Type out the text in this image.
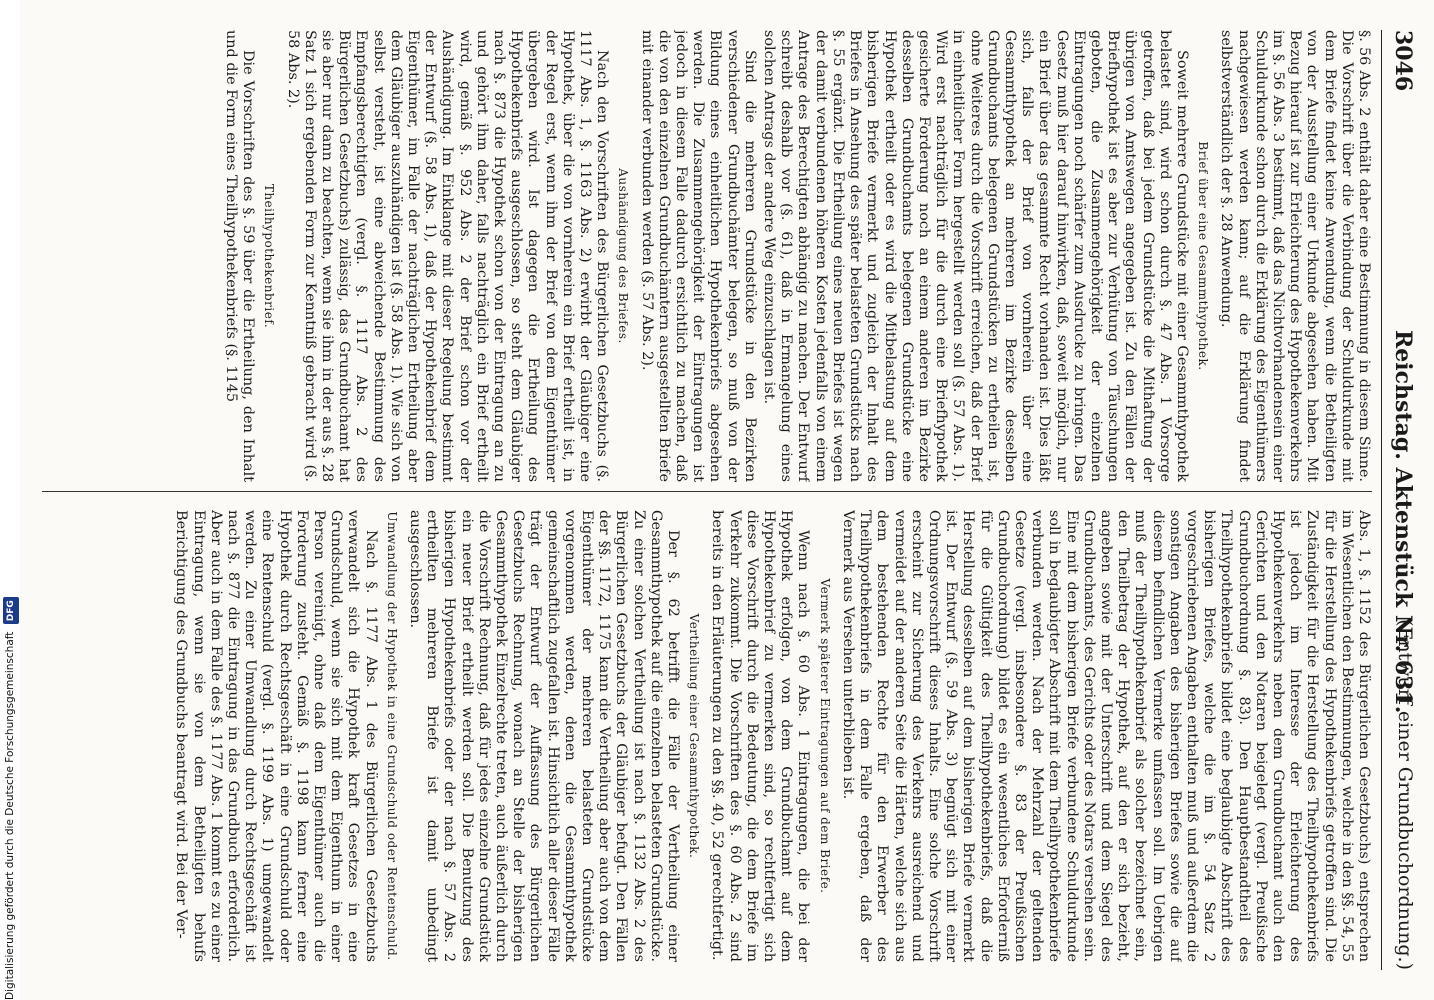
3046
Reichstag. Aktenstück Nr. 631.
(Entwurf einer Grundbuchordnung.)

§. 56 Abs. 2 enthält daher eine Bestimmung in diesem Sinne. Die Vorschrift über die Verbindung der Schuldurkunde mit dem Briefe findet keine Anwendung, wenn die Betheiligten von der Ausstellung einer Urkunde abgesehen haben. Mit Bezug hierauf ist zur Erleichterung des Hypothekenverkehrs im §. 56 Abs. 3 bestimmt, daß das Nichtvorhandensein einer Schuldurkunde schon durch die Erklärung des Eigenthümers nachgewiesen werden kann; auf die Erklärung findet selbstverständlich der §. 28 Anwendung.

Brief über eine Gesammthypothek.

Soweit mehrere Grundstücke mit einer Gesammthypothek belastet sind, wird schon durch §. 47 Abs. 1 Vorsorge getroffen, daß bei jedem Grundstücke die Mithaftung der übrigen von Amtswegen angegeben ist. Zu den Fällen der Briefhypothek ist es aber zur Verhütung von Täuschungen geboten, die Zusammengehörigkeit der einzelnen Eintragungen noch schärfer zum Ausdrucke zu bringen. Das Gesetz muß hier darauf hinwirken, daß, soweit möglich, nur ein Brief über das gesammte Recht vorhanden ist. Dies läßt sich, falls der Brief von vornherein über eine Gesammthypothek an mehreren im Bezirke desselben Grundbuchamts belegenen Grundstücken zu ertheilen ist, ohne Weiteres durch die Vorschrift erreichen, daß der Brief in einheitlicher Form hergestellt werden soll (§. 57 Abs. 1). Wird erst nachträglich für die durch eine Briefhypothek gesicherte Forderung noch an einem anderen im Bezirke desselben Grundbuchamts belegenen Grundstücke eine Hypothek ertheilt oder es wird die Mitbelastung auf dem bisherigen Briefe vermerkt und zugleich der Inhalt des Briefes in Ansehung des später belasteten Grundstücks nach §. 55 ergänzt. Die Ertheilung eines neuen Briefes ist wegen der damit verbundenen höheren Kosten jedenfalls von einem Antrage des Berechtigten abhängig zu machen. Der Entwurf schreibt deshalb vor (§. 61), daß in Ermangelung eines solchen Antrags der andere Weg einzuschlagen ist.

Sind die mehreren Grundstücke in den Bezirken verschiedener Grundbuchämter belegen, so muß von der Bildung eines einheitlichen Hypothekenbriefs abgesehen werden. Die Zusammengehörigkeit der Eintragungen ist jedoch in diesem Falle dadurch ersichtlich zu machen, daß die von den einzelnen Grundbuchämtern ausgestellten Briefe mit einander verbunden werden (§. 57 Abs. 2).

Aushändigung des Briefes.

Nach den Vorschriften des Bürgerlichen Gesetzbuchs (§. 1117 Abs. 1, §. 1163 Abs. 2) erwirbt der Gläubiger eine Hypothek, über die von vornherein ein Brief ertheilt ist, in der Regel erst, wenn ihm der Brief von dem Eigenthümer übergeben wird. Ist dagegen die Ertheilung des Hypothekenbriefs ausgeschlossen, so steht dem Gläubiger nach §. 873 die Hypothek schon von der Eintragung an zu und gehört ihm daher, falls nachträglich ein Brief ertheilt wird, gemäß §. 952 Abs. 2 der Brief schon vor der Aushändigung. Im Einklange mit dieser Regelung bestimmt der Entwurf (§. 58 Abs. 1), daß der Hypothekenbrief dem Eigenthümer, im Falle der nachträglichen Ertheilung aber dem Gläubiger auszuhändigen ist (§. 58 Abs. 1). Wie sich von selbst versteht, ist eine abweichende Bestimmung des Empfangsberechtigten (vergl. §. 1117 Abs. 2 des Bürgerlichen Gesetzbuchs) zulässig, das Grundbuchamt hat sie aber nur dann zu beachten, wenn sie ihm in der aus §. 28 Satz 1 sich ergebenden Form zur Kenntniß gebracht wird (§. 58 Abs. 2).

Theilhypothekenbrief.

Die Vorschriften des §. 59 über die Ertheilung, den Inhalt und die Form eines Theilhypothekenbriefs (§. 1145

Abs. 1, §. 1152 des Bürgerlichen Gesetzbuchs) entsprechen im Wesentlichen den Bestimmungen, welche in den §§. 54, 55 für die Herstellung des Hypothekenbriefs getroffen sind. Die Zuständigkeit für die Herstellung des Theilhypothekenbriefs ist jedoch im Interesse der Erleichterung des Hypothekenverkehrs neben dem Grundbuchamt auch den Gerichten und den Notaren beigelegt (vergl. Preußische Grundbuchordnung §. 83). Den Hauptbestandtheil des Theilhypothekenbriefs bildet eine beglaubigte Abschrift des bisherigen Briefes, welche die im §. 54 Satz 2 vorgeschriebenen Angaben enthalten muß und außerdem die sonstigen Angaben des bisherigen Briefes sowie die auf diesem befindlichen Vermerke umfassen soll. Im Uebrigen muß der Theilhypothekenbrief als solcher bezeichnet sein, den Theilbetrag der Hypothek, auf den er sich bezieht, angeben sowie mit der Unterschrift und dem Siegel des Grundbuchamts, des Gerichts oder des Notars versehen sein. Eine mit dem bisherigen Briefe verbundene Schuldurkunde soll in beglaubigter Abschrift mit dem Theilhypothekenbriefe verbunden werden. Nach der Mehrzahl der geltenden Gesetze (vergl. insbesondere §. 83 der Preußischen Grundbuchordnung) bildet es ein wesentliches Erforderniß für die Gültigkeit des Theilhypothekenbriefs, daß die Herstellung desselben auf dem bisherigen Briefe vermerkt ist. Der Entwurf (§. 59 Abs. 3) begnügt sich mit einer Ordnungsvorschrift dieses Inhalts. Eine solche Vorschrift erscheint zur Sicherung des Verkehrs ausreichend und vermeidet auf der anderen Seite die Härten, welche sich aus dem bestehenden Rechte für den Erwerber des Theilhypothekenbriefs in dem Falle ergeben, daß der Vermerk aus Versehen unterblieben ist.

Vermerk späterer Eintragungen auf dem Briefe.

Wenn nach §. 60 Abs. 1 Eintragungen, die bei der Hypothek erfolgen, von dem Grundbuchamt auf dem Hypothekenbrief zu vermerken sind, so rechtfertigt sich diese Vorschrift durch die Bedeutung, die dem Briefe im Verkehr zukommt. Die Vorschriften des §. 60 Abs. 2 sind bereits in den Erläuterungen zu den §§. 40, 52 gerechtfertigt.

Vertheilung einer Gesammthypothek.

Der §. 62 betrifft die Fälle der Vertheilung einer Gesammthypothek auf die einzelnen belasteten Grundstücke. Zu einer solchen Vertheilung ist nach §. 1132 Abs. 2 des Bürgerlichen Gesetzbuchs der Gläubiger befugt. Den Fällen der §§. 1172, 1175 kann die Vertheilung aber auch von dem Eigenthümer der mehreren belasteten Grundstücke vorgenommen werden, denen die Gesammthypothek gemeinschaftlich zugefallen ist. Hinsichtlich aller dieser Fälle trägt der Entwurf der Auffassung des Bürgerlichen Gesetzbuchs Rechnung, wonach an Stelle der bisherigen Gesammthypothek Einzelrechte treten, auch äußerlich durch die Vorschrift Rechnung, daß für jedes einzelne Grundstück ein neuer Brief ertheilt werden soll. Die Benutzung des bisherigen Hypothekenbriefs oder der nach §. 57 Abs. 2 ertheilten mehreren Briefe ist damit unbedingt ausgeschlossen.

Umwandlung der Hypothek in eine Grundschuld oder Rentenschuld.

Nach §. 1177 Abs. 1 des Bürgerlichen Gesetzbuchs verwandelt sich die Hypothek kraft Gesetzes in eine Grundschuld, wenn sie sich mit dem Eigenthum in einer Person vereinigt, ohne daß dem Eigenthümer auch die Forderung zusteht. Gemäß §. 1198 kann ferner eine Hypothek durch Rechtsgeschäft in eine Grundschuld oder eine Rentenschuld (vergl. §. 1199 Abs. 1) umgewandelt werden. Zu einer Umwandlung durch Rechtsgeschäft ist nach §. 877 die Eintragung in das Grundbuch erforderlich. Aber auch in dem Falle des §. 1177 Abs. 1 kommt es zu einer Eintragung, wenn sie von dem Betheiligten behufs Berichtigung des Grundbuchs beantragt wird. Bei der Ver-

Digitalisierung gefördert durch die Deutsche Forschungsgemeinschaft DFG
